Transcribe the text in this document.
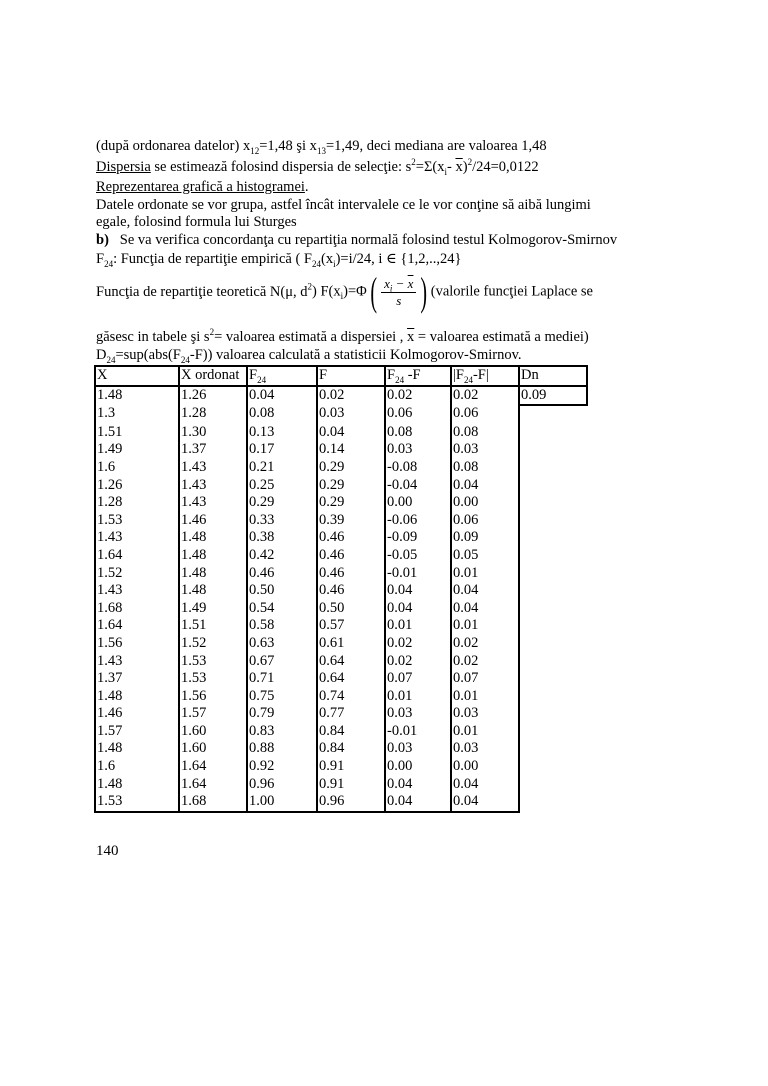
(după ordonarea datelor) $x_{12}=1,48$ şi $x_{13}=1,49$, deci mediana are valoarea 1,48
Dispersia se estimează folosind dispersia de selecţie: $s^2=\Sigma(x_i-$ $\overline{x})^2/24=0,0122$
Reprezentarea grafică a histogramei.
Datele ordonate se vor grupa, astfel încât intervalele ce le vor conţine să aibă lungimi
egale, folosind formula lui Sturges
b) Se va verifica concordanţa cu repartiţia normală folosind testul Kolmogorov-Smirnov
$F_{24}$: Funcţia de repartiţie empirică ( $F_{24}(x_i)=i/24$, i ∈ {1,2,..,24}
Funcţia de repartiţie teoretică N(μ, $d^2$) $F(x_i)=\Phi( \frac{x_i - \overline{x}}{s}$ ) (valorile funcţiei Laplace se
găsesc in tabele şi $s^2=$ valoarea estimată a dispersiei , $\overline{x}$ = valoarea estimată a mediei)
$D_{24}=sup(abs(F_{24}-F))$ valoarea calculată a statisticii Kolmogorov-Smirnov.
X	X ordonat	$F_{24}$	F	$F_{24}$ -F	$|F_{24}-F|$	Dn
1.48	1.26	0.04	0.02	0.02	0.02	0.09
1.3	1.28	0.08	0.03	0.06	0.06	
1.51	1.30	0.13	0.04	0.08	0.08	
1.49	1.37	0.17	0.14	0.03	0.03	
1.6	1.43	0.21	0.29	-0.08	0.08	
1.26	1.43	0.25	0.29	-0.04	0.04	
1.28	1.43	0.29	0.29	0.00	0.00	
1.53	1.46	0.33	0.39	-0.06	0.06	
1.43	1.48	0.38	0.46	-0.09	0.09	
1.64	1.48	0.42	0.46	-0.05	0.05	
1.52	1.48	0.46	0.46	-0.01	0.01	
1.43	1.48	0.50	0.46	0.04	0.04	
1.68	1.49	0.54	0.50	0.04	0.04	
1.64	1.51	0.58	0.57	0.01	0.01	
1.56	1.52	0.63	0.61	0.02	0.02	
1.43	1.53	0.67	0.64	0.02	0.02	
1.37	1.53	0.71	0.64	0.07	0.07	
1.48	1.56	0.75	0.74	0.01	0.01	
1.46	1.57	0.79	0.77	0.03	0.03	
1.57	1.60	0.83	0.84	-0.01	0.01	
1.48	1.60	0.88	0.84	0.03	0.03	
1.6	1.64	0.92	0.91	0.00	0.00	
1.48	1.64	0.96	0.91	0.04	0.04	
1.53	1.68	1.00	0.96	0.04	0.04	
140
